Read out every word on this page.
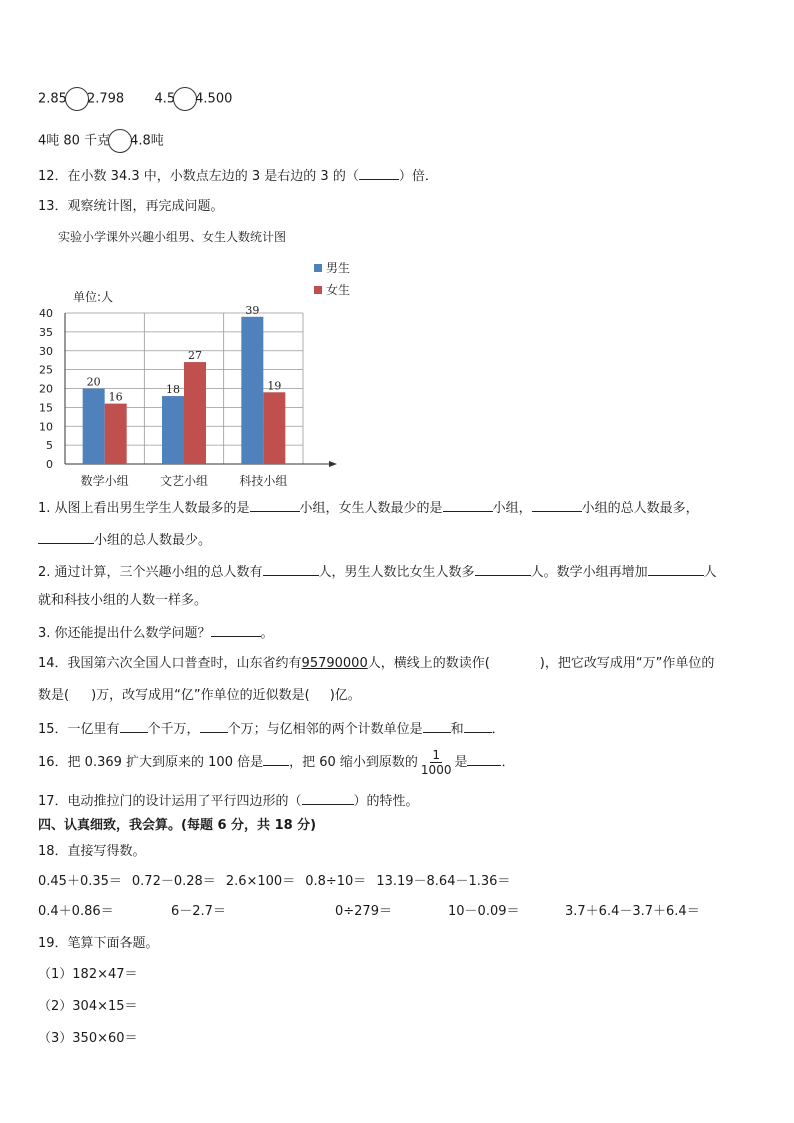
2.85 2.798 4.5 4.500
4吨 80 千克 4.8吨
12．在小数 34.3 中，小数点左边的 3 是右边的 3 的（	）倍．
13．观察统计图，再完成问题。
0
5
10
15
20
25
30
35
40
单位:人
20
16
数学小组
18
27
文艺小组
39
19
科技小组
男生
女生
实验小学课外兴趣小组男、女生人数统计图
1. 从图上看出男生学生人数最多的是	小组，女生人数最少的是	小组，	小组的总人数最多，
小组的总人数最少。
2. 通过计算，三个兴趣小组的总人数有	人，男生人数比女生人数多	人。数学小组再增加	人
就和科技小组的人数一样多。
3. 你还能提出什么数学问题？	。
14．我国第六次全国人口普查时，山东省约有95790000人，横线上的数读作(	)，把它改写成用“万”作单位的
数是( )万，改写成用“亿”作单位的近似数是( )亿。
15．一亿里有 个千万， 个万；与亿相邻的两个计数单位是 和 ．
16．把 0.369 扩大到原来的 100 倍是 ，把 60 缩小到原数的 $\frac{1}{1000}$ 是	．
17．电动推拉门的设计运用了平行四边形的（	）的特性。
四、认真细致，我会算。(每题 6 分，共 18 分)
18．直接写得数。
0.45＋0.35＝ 0.72－0.28＝ 2.6×100＝ 0.8÷10＝ 13.19－8.64－1.36＝
0.4＋0.86＝	6－2.7＝	0÷279＝	10－0.09＝	3.7＋6.4－3.7＋6.4＝
19．笔算下面各题。
（1）182×47＝
（2）304×15＝
（3）350×60＝
